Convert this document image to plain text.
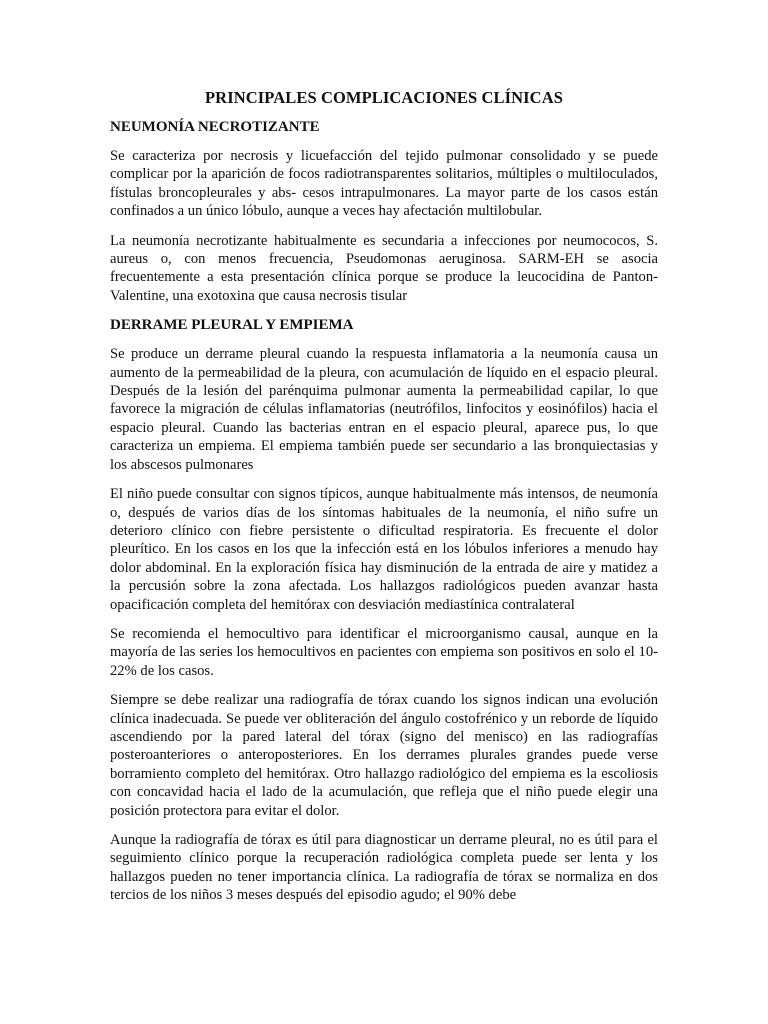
PRINCIPALES COMPLICACIONES CLÍNICAS
NEUMONÍA NECROTIZANTE

Se caracteriza por necrosis y licuefacción del tejido pulmonar consolidado y se puede complicar por la aparición de focos radiotransparentes solitarios, múltiples o multiloculados, fístulas broncopleurales y abs- cesos intrapulmonares. La mayor parte de los casos están confinados a un único lóbulo, aunque a veces hay afectación multilobular.

La neumonía necrotizante habitualmente es secundaria a infecciones por neumococos, S. aureus o, con menos frecuencia, Pseudomonas aeruginosa. SARM-EH se asocia frecuentemente a esta presentación clínica porque se produce la leucocidina de Panton-Valentine, una exotoxina que causa necrosis tisular

DERRAME PLEURAL Y EMPIEMA

Se produce un derrame pleural cuando la respuesta inflamatoria a la neumonía causa un aumento de la permeabilidad de la pleura, con acumulación de líquido en el espacio pleural. Después de la lesión del parénquima pulmonar aumenta la permeabilidad capilar, lo que favorece la migración de células inflamatorias (neutrófilos, linfocitos y eosinófilos) hacia el espacio pleural. Cuando las bacterias entran en el espacio pleural, aparece pus, lo que caracteriza un empiema. El empiema también puede ser secundario a las bronquiectasias y los abscesos pulmonares

El niño puede consultar con signos típicos, aunque habitualmente más intensos, de neumonía o, después de varios días de los síntomas habituales de la neumonía, el niño sufre un deterioro clínico con fiebre persistente o dificultad respiratoria. Es frecuente el dolor pleurítico. En los casos en los que la infección está en los lóbulos inferiores a menudo hay dolor abdominal. En la exploración física hay disminución de la entrada de aire y matidez a la percusión sobre la zona afectada. Los hallazgos radiológicos pueden avanzar hasta opacificación completa del hemitórax con desviación mediastínica contralateral

Se recomienda el hemocultivo para identificar el microorganismo causal, aunque en la mayoría de las series los hemocultivos en pacientes con empiema son positivos en solo el 10-22% de los casos.

Siempre se debe realizar una radiografía de tórax cuando los signos indican una evolución clínica inadecuada. Se puede ver obliteración del ángulo costofrénico y un reborde de líquido ascendiendo por la pared lateral del tórax (signo del menisco) en las radiografías posteroanteriores o anteroposteriores. En los derrames plurales grandes puede verse borramiento completo del hemitórax. Otro hallazgo radiológico del empiema es la escoliosis con concavidad hacia el lado de la acumulación, que refleja que el niño puede elegir una posición protectora para evitar el dolor.

Aunque la radiografía de tórax es útil para diagnosticar un derrame pleural, no es útil para el seguimiento clínico porque la recuperación radiológica completa puede ser lenta y los hallazgos pueden no tener importancia clínica. La radiografía de tórax se normaliza en dos tercios de los niños 3 meses después del episodio agudo; el 90% debe
